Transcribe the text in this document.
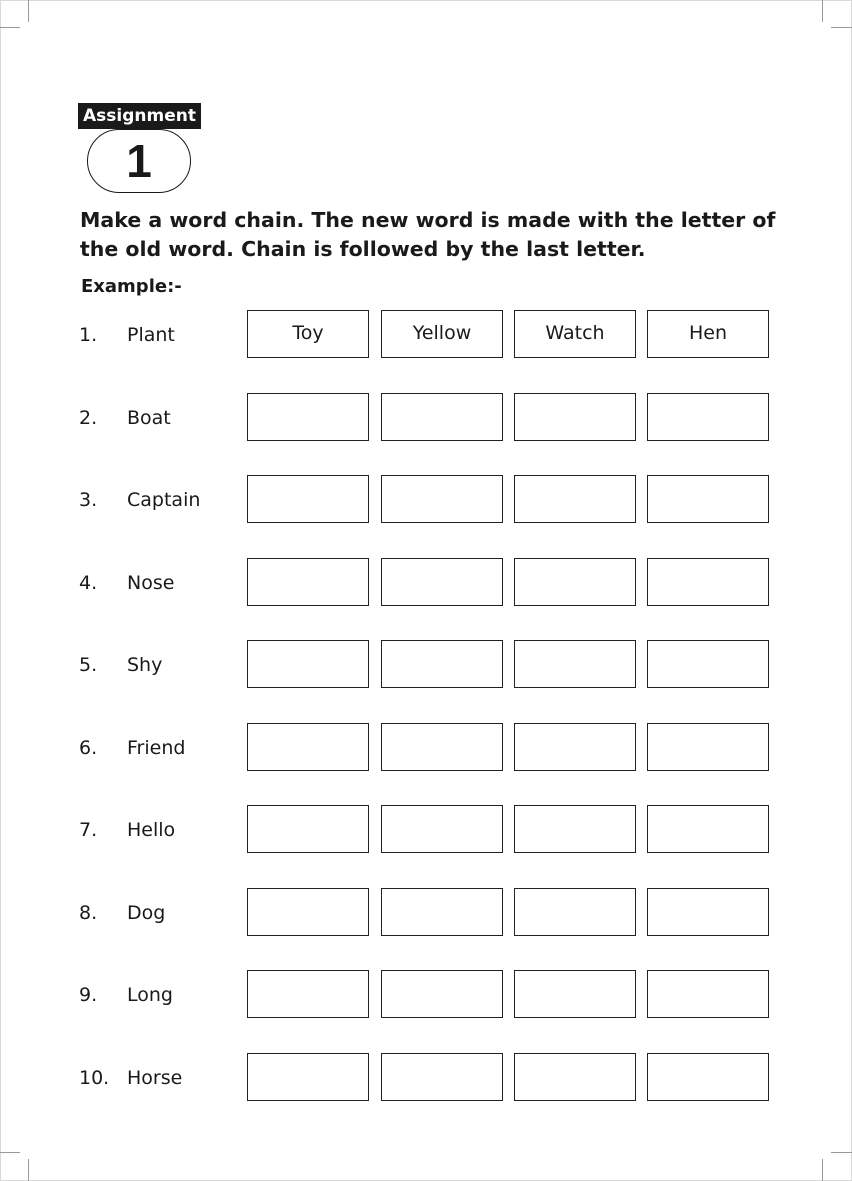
Assignment
1
Make a word chain. The new word is made with the letter of the old word. Chain is followed by the last letter.
Example:-
1. Plant	Toy	Yellow	Watch	Hen
2. Boat
3. Captain
4. Nose
5. Shy
6. Friend
7. Hello
8. Dog
9. Long
10. Horse
